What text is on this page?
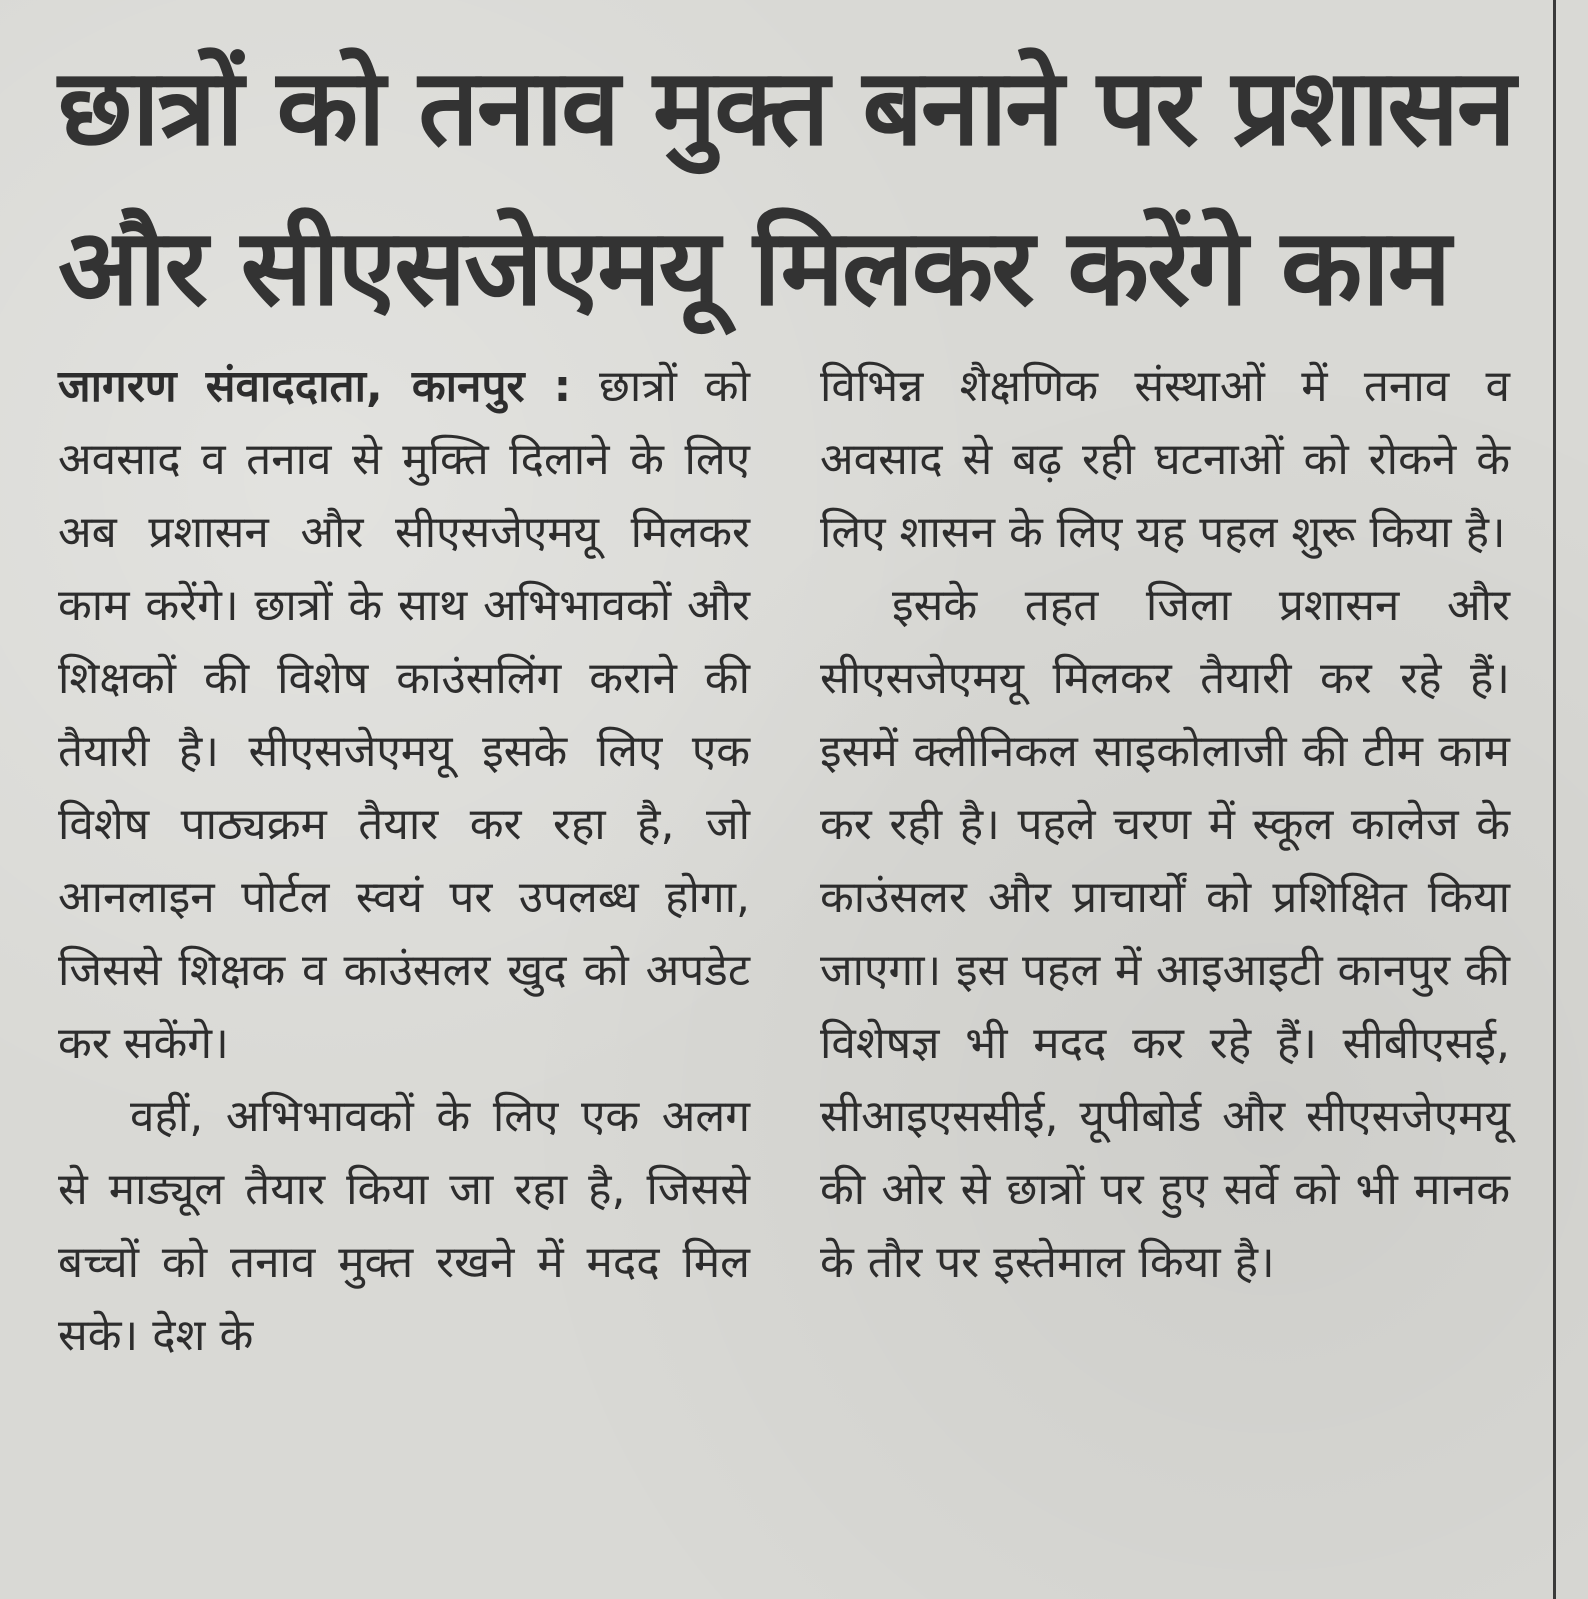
छात्रों को तनाव मुक्त बनाने पर प्रशासन
और सीएसजेएमयू मिलकर करेंगे काम

जागरण संवाददाता, कानपुर : छात्रों को अवसाद व तनाव से मुक्ति दिलाने के लिए अब प्रशासन और सीएसजेएमयू मिलकर काम करेंगे। छात्रों के साथ अभिभावकों और शिक्षकों की विशेष काउंसलिंग कराने की तैयारी है। सीएसजेएमयू इसके लिए एक विशेष पाठ्यक्रम तैयार कर रहा है, जो आनलाइन पोर्टल स्वयं पर उपलब्ध होगा, जिससे शिक्षक व काउंसलर खुद को अपडेट कर सकेंगे।

वहीं, अभिभावकों के लिए एक अलग से माड्यूल तैयार किया जा रहा है, जिससे बच्चों को तनाव मुक्त रखने में मदद मिल सके। देश के

विभिन्न शैक्षणिक संस्थाओं में तनाव व अवसाद से बढ़ रही घटनाओं को रोकने के लिए शासन के लिए यह पहल शुरू किया है।

इसके तहत जिला प्रशासन और सीएसजेएमयू मिलकर तैयारी कर रहे हैं। इसमें क्लीनिकल साइकोलाजी की टीम काम कर रही है। पहले चरण में स्कूल कालेज के काउंसलर और प्राचार्यों को प्रशिक्षित किया जाएगा। इस पहल में आइआइटी कानपुर की विशेषज्ञ भी मदद कर रहे हैं। सीबीएसई, सीआइएससीई, यूपीबोर्ड और सीएसजेएमयू की ओर से छात्रों पर हुए सर्वे को भी मानक के तौर पर इस्तेमाल किया है।
